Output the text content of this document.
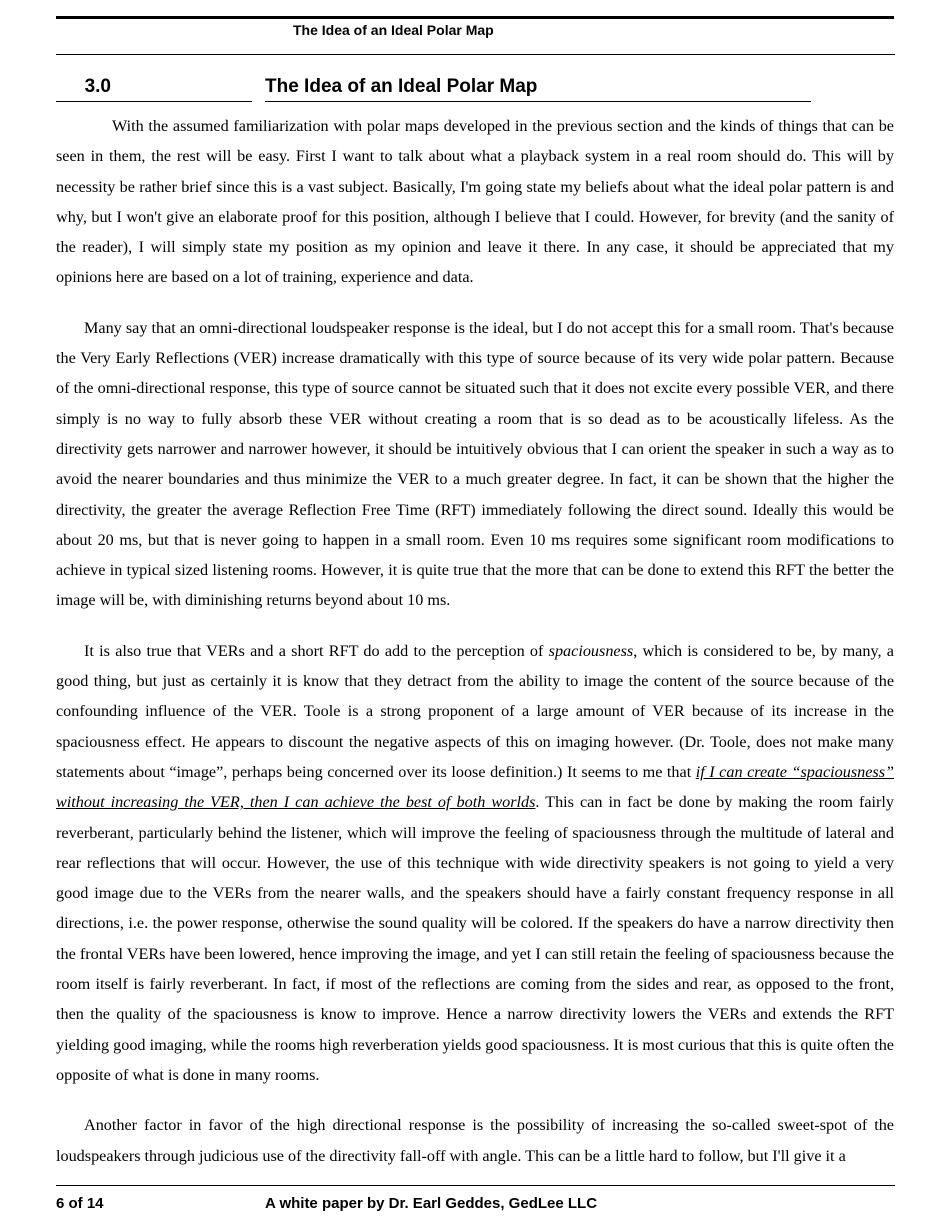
The Idea of an Ideal Polar Map
3.0	The Idea of an Ideal Polar Map

With the assumed familiarization with polar maps developed in the previous section and the kinds of things that can be seen in them, the rest will be easy. First I want to talk about what a playback system in a real room should do. This will by necessity be rather brief since this is a vast subject. Basically, I'm going state my beliefs about what the ideal polar pattern is and why, but I won't give an elaborate proof for this position, although I believe that I could. However, for brevity (and the sanity of the reader), I will simply state my position as my opinion and leave it there. In any case, it should be appreciated that my opinions here are based on a lot of training, experience and data.

Many say that an omni-directional loudspeaker response is the ideal, but I do not accept this for a small room. That's because the Very Early Reflections (VER) increase dramatically with this type of source because of its very wide polar pattern. Because of the omni-directional response, this type of source cannot be situated such that it does not excite every possible VER, and there simply is no way to fully absorb these VER without creating a room that is so dead as to be acoustically lifeless. As the directivity gets narrower and narrower however, it should be intuitively obvious that I can orient the speaker in such a way as to avoid the nearer boundaries and thus minimize the VER to a much greater degree. In fact, it can be shown that the higher the directivity, the greater the average Reflection Free Time (RFT) immediately following the direct sound. Ideally this would be about 20 ms, but that is never going to happen in a small room. Even 10 ms requires some significant room modifications to achieve in typical sized listening rooms. However, it is quite true that the more that can be done to extend this RFT the better the image will be, with diminishing returns beyond about 10 ms.

It is also true that VERs and a short RFT do add to the perception of spaciousness, which is considered to be, by many, a good thing, but just as certainly it is know that they detract from the ability to image the content of the source because of the confounding influence of the VER. Toole is a strong proponent of a large amount of VER because of its increase in the spaciousness effect. He appears to discount the negative aspects of this on imaging however. (Dr. Toole, does not make many statements about “image”, perhaps being concerned over its loose definition.) It seems to me that if I can create “spaciousness” without increasing the VER, then I can achieve the best of both worlds. This can in fact be done by making the room fairly reverberant, particularly behind the listener, which will improve the feeling of spaciousness through the multitude of lateral and rear reflections that will occur. However, the use of this technique with wide directivity speakers is not going to yield a very good image due to the VERs from the nearer walls, and the speakers should have a fairly constant frequency response in all directions, i.e. the power response, otherwise the sound quality will be colored. If the speakers do have a narrow directivity then the frontal VERs have been lowered, hence improving the image, and yet I can still retain the feeling of spaciousness because the room itself is fairly reverberant. In fact, if most of the reflections are coming from the sides and rear, as opposed to the front, then the quality of the spaciousness is know to improve. Hence a narrow directivity lowers the VERs and extends the RFT yielding good imaging, while the rooms high reverberation yields good spaciousness. It is most curious that this is quite often the opposite of what is done in many rooms.

Another factor in favor of the high directional response is the possibility of increasing the so-called sweet-spot of the loudspeakers through judicious use of the directivity fall-off with angle. This can be a little hard to follow, but I'll give it a

6 of 14	A white paper by Dr. Earl Geddes, GedLee LLC
